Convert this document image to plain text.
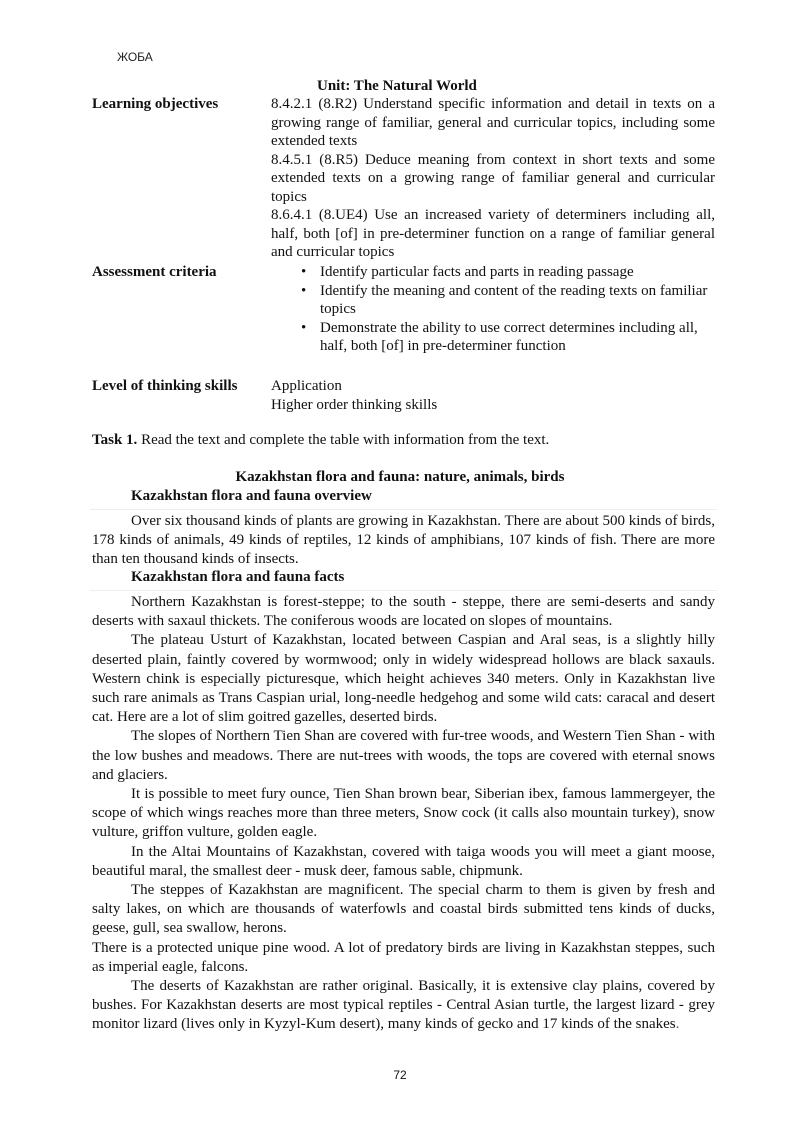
ЖОБА
Unit: The Natural World
Learning objectives	8.4.2.1 (8.R2) Understand specific information and detail in texts on a growing range of familiar, general and curricular topics, including some extended texts

8.4.5.1 (8.R5) Deduce meaning from context in short texts and some extended texts on a growing range of familiar general and curricular topics

8.6.4.1 (8.UE4) Use an increased variety of determiners including all, half, both [of] in pre-determiner function on a range of familiar general and curricular topics

Assessment criteria	• Identify particular facts and parts in reading passage
• Identify the meaning and content of the reading texts on familiar topics
• Demonstrate the ability to use correct determines including all, half, both [of] in pre-determiner function
Level of thinking skills Application

Higher order thinking skills

Task 1. Read the text and complete the table with information from the text.
Kazakhstan flora and fauna: nature, animals, birds
Kazakhstan flora and fauna overview

Over six thousand kinds of plants are growing in Kazakhstan. There are about 500 kinds of birds, 178 kinds of animals, 49 kinds of reptiles, 12 kinds of amphibians, 107 kinds of fish. There are more than ten thousand kinds of insects.

Kazakhstan flora and fauna facts

Northern Kazakhstan is forest-steppe; to the south - steppe, there are semi-deserts and sandy deserts with saxaul thickets. The coniferous woods are located on slopes of mountains.

The plateau Usturt of Kazakhstan, located between Caspian and Aral seas, is a slightly hilly deserted plain, faintly covered by wormwood; only in widely widespread hollows are black saxauls. Western chink is especially picturesque, which height achieves 340 meters. Only in Kazakhstan live such rare animals as Trans Caspian urial, long-needle hedgehog and some wild cats: caracal and desert cat. Here are a lot of slim goitred gazelles, deserted birds.

The slopes of Northern Tien Shan are covered with fur-tree woods, and Western Tien Shan - with the low bushes and meadows. There are nut-trees with woods, the tops are covered with eternal snows and glaciers.

It is possible to meet fury ounce, Tien Shan brown bear, Siberian ibex, famous lammergeyer, the scope of which wings reaches more than three meters, Snow cock (it calls also mountain turkey), snow vulture, griffon vulture, golden eagle.

In the Altai Mountains of Kazakhstan, covered with taiga woods you will meet a giant moose, beautiful maral, the smallest deer - musk deer, famous sable, chipmunk.

The steppes of Kazakhstan are magnificent. The special charm to them is given by fresh and salty lakes, on which are thousands of waterfowls and coastal birds submitted tens kinds of ducks, geese, gull, sea swallow, herons.

There is a protected unique pine wood. A lot of predatory birds are living in Kazakhstan steppes, such as imperial eagle, falcons.

The deserts of Kazakhstan are rather original. Basically, it is extensive clay plains, covered by bushes. For Kazakhstan deserts are most typical reptiles - Central Asian turtle, the largest lizard - grey monitor lizard (lives only in Kyzyl-Kum desert), many kinds of gecko and 17 kinds of the snakes.

72
